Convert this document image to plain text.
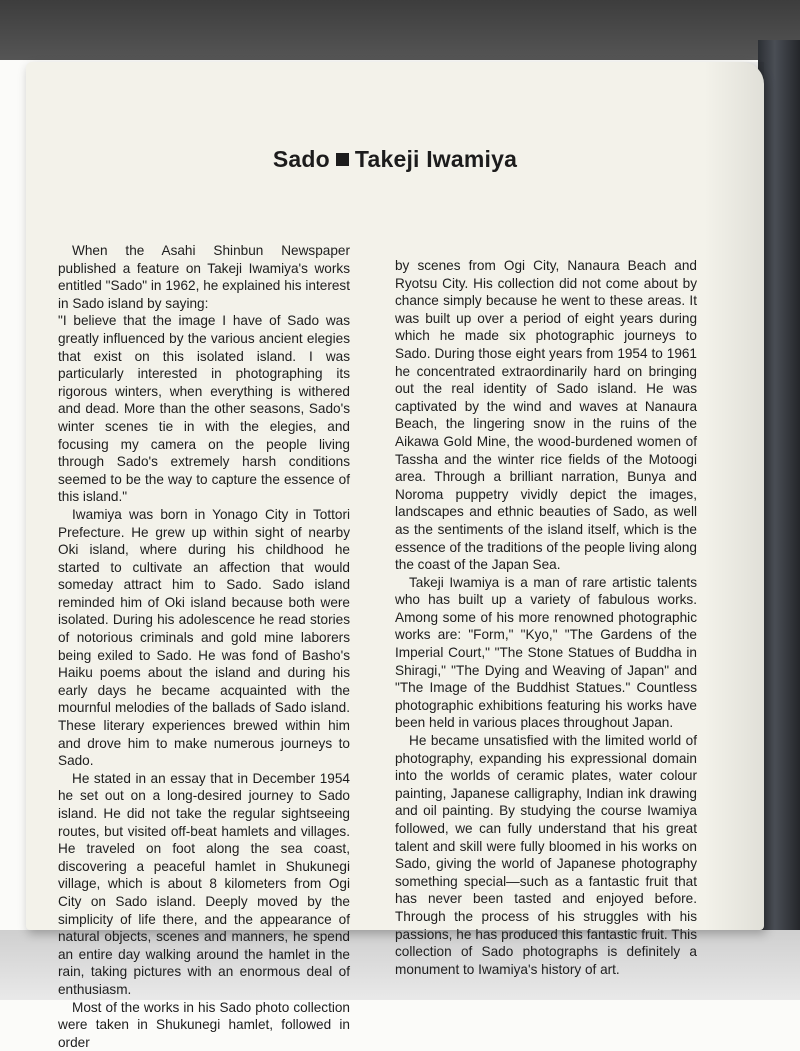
Sado Takeji Iwamiya

When the Asahi Shinbun Newspaper published a feature on Takeji Iwamiya's works entitled "Sado" in 1962, he explained his interest in Sado island by saying:

"I believe that the image I have of Sado was greatly influenced by the various ancient elegies that exist on this isolated island. I was particularly interested in photographing its rigorous winters, when everything is withered and dead. More than the other seasons, Sado's winter scenes tie in with the elegies, and focusing my camera on the people living through Sado's extremely harsh conditions seemed to be the way to capture the essence of this island."

Iwamiya was born in Yonago City in Tottori Prefecture. He grew up within sight of nearby Oki island, where during his childhood he started to cultivate an affection that would someday attract him to Sado. Sado island reminded him of Oki island because both were isolated. During his adolescence he read stories of notorious criminals and gold mine laborers being exiled to Sado. He was fond of Basho's Haiku poems about the island and during his early days he became acquainted with the mournful melodies of the ballads of Sado island. These literary experiences brewed within him and drove him to make numerous journeys to Sado.

He stated in an essay that in December 1954 he set out on a long-desired journey to Sado island. He did not take the regular sightseeing routes, but visited off-beat hamlets and villages. He traveled on foot along the sea coast, discovering a peaceful hamlet in Shukunegi village, which is about 8 kilometers from Ogi City on Sado island. Deeply moved by the simplicity of life there, and the appearance of natural objects, scenes and manners, he spend an entire day walking around the hamlet in the rain, taking pictures with an enormous deal of enthusiasm.

Most of the works in his Sado photo collection were taken in Shukunegi hamlet, followed in order

by scenes from Ogi City, Nanaura Beach and Ryotsu City. His collection did not come about by chance simply because he went to these areas. It was built up over a period of eight years during which he made six photographic journeys to Sado. During those eight years from 1954 to 1961 he concentrated extraordinarily hard on bringing out the real identity of Sado island. He was captivated by the wind and waves at Nanaura Beach, the lingering snow in the ruins of the Aikawa Gold Mine, the wood-burdened women of Tassha and the winter rice fields of the Motoogi area. Through a brilliant narration, Bunya and Noroma puppetry vividly depict the images, landscapes and ethnic beauties of Sado, as well as the sentiments of the island itself, which is the essence of the traditions of the people living along the coast of the Japan Sea.

Takeji Iwamiya is a man of rare artistic talents who has built up a variety of fabulous works. Among some of his more renowned photographic works are: "Form," "Kyo," "The Gardens of the Imperial Court," "The Stone Statues of Buddha in Shiragi," "The Dying and Weaving of Japan" and "The Image of the Buddhist Statues." Countless photographic exhibitions featuring his works have been held in various places throughout Japan.

He became unsatisfied with the limited world of photography, expanding his expressional domain into the worlds of ceramic plates, water colour painting, Japanese calligraphy, Indian ink drawing and oil painting. By studying the course Iwamiya followed, we can fully understand that his great talent and skill were fully bloomed in his works on Sado, giving the world of Japanese photography something special—such as a fantastic fruit that has never been tasted and enjoyed before. Through the process of his struggles with his passions, he has produced this fantastic fruit. This collection of Sado photographs is definitely a monument to Iwamiya's history of art.
